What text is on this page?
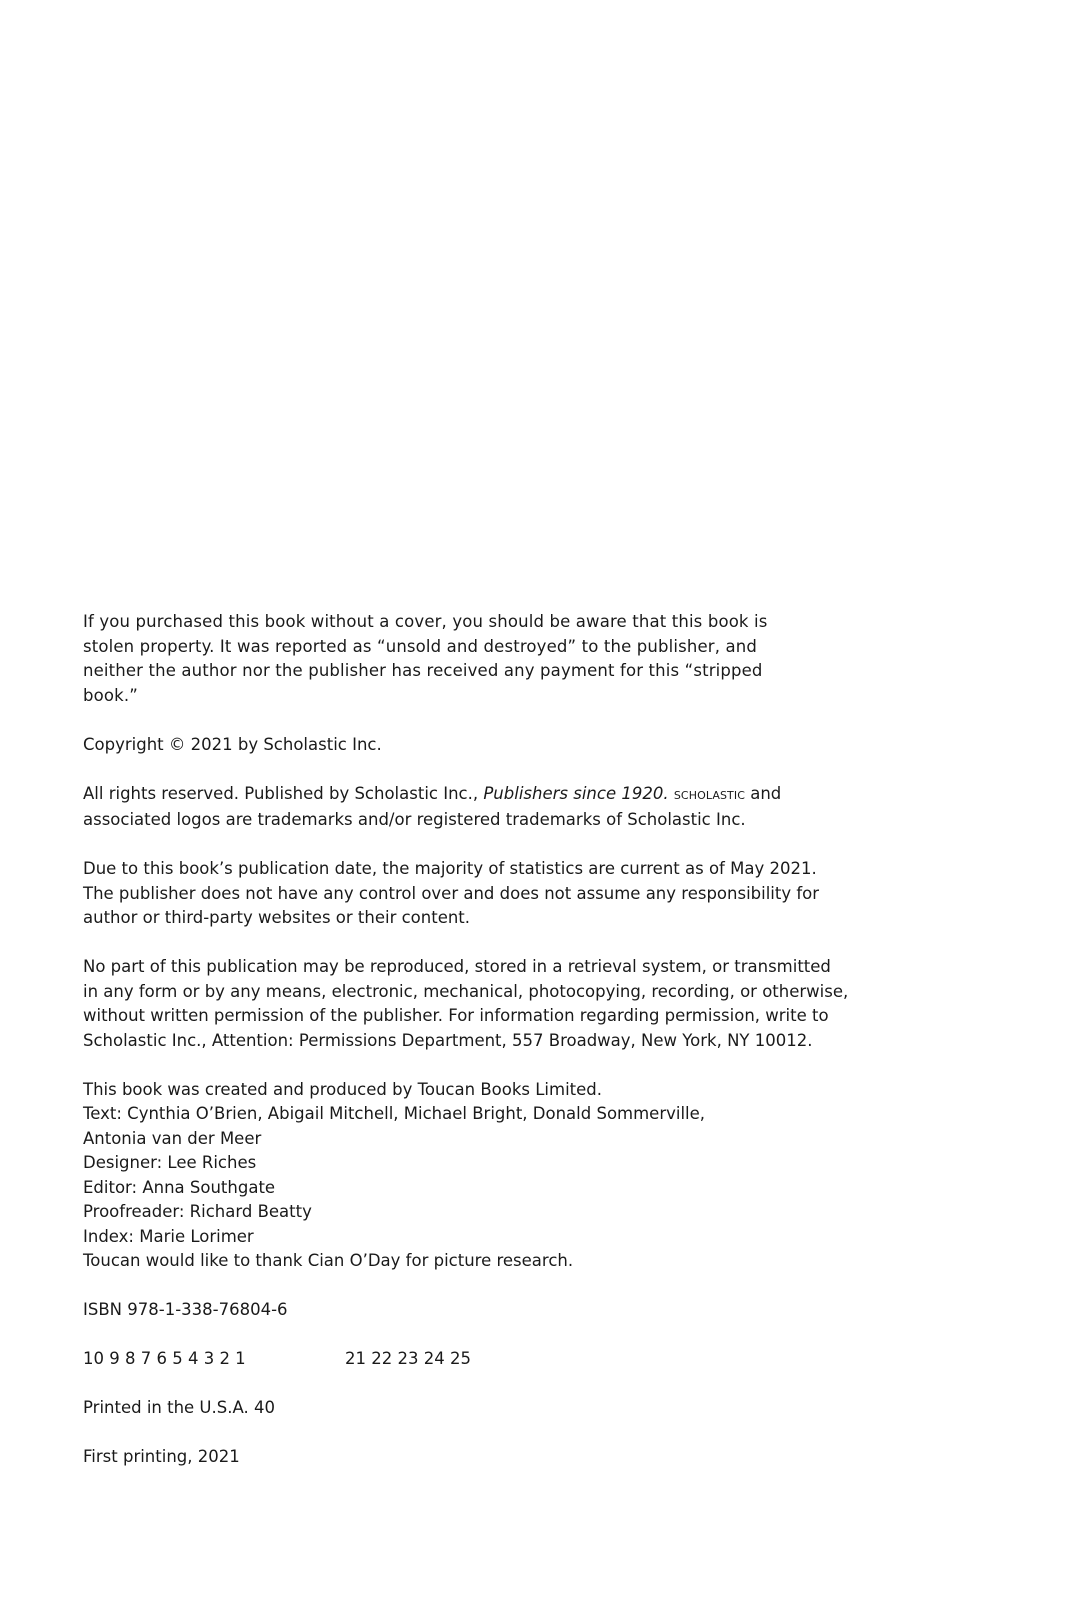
If you purchased this book without a cover, you should be aware that this book is
stolen property. It was reported as “unsold and destroyed” to the publisher, and
neither the author nor the publisher has received any payment for this “stripped
book.”
Copyright © 2021 by Scholastic Inc.
All rights reserved. Published by Scholastic Inc., Publishers since 1920. SCHOLASTIC and
associated logos are trademarks and/or registered trademarks of Scholastic Inc.
Due to this book’s publication date, the majority of statistics are current as of May 2021.
The publisher does not have any control over and does not assume any responsibility for
author or third-party websites or their content.
No part of this publication may be reproduced, stored in a retrieval system, or transmitted
in any form or by any means, electronic, mechanical, photocopying, recording, or otherwise,
without written permission of the publisher. For information regarding permission, write to
Scholastic Inc., Attention: Permissions Department, 557 Broadway, New York, NY 10012.
This book was created and produced by Toucan Books Limited.
Text: Cynthia O’Brien, Abigail Mitchell, Michael Bright, Donald Sommerville,
Antonia van der Meer
Designer: Lee Riches
Editor: Anna Southgate
Proofreader: Richard Beatty
Index: Marie Lorimer
Toucan would like to thank Cian O’Day for picture research.
ISBN 978-1-338-76804-6
10 9 8 7 6 5 4 3 2 1	21 22 23 24 25
Printed in the U.S.A. 40
First printing, 2021
